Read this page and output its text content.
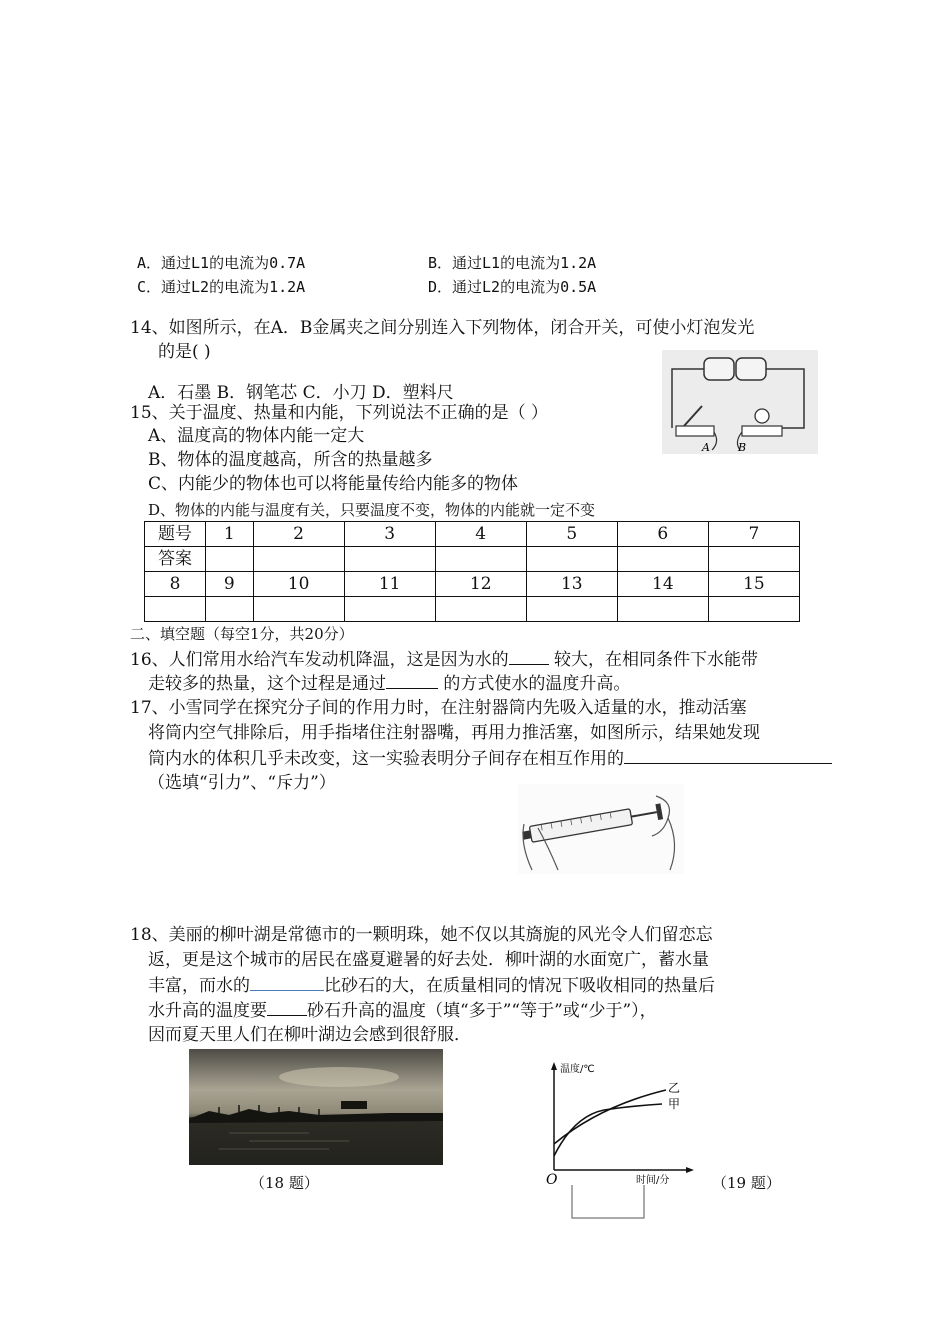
A．通过L1的电流为0.7A	B．通过L1的电流为1.2A
C．通过L2的电流为1.2A	D．通过L2的电流为0.5A
14、如图所示，在A．B金属夹之间分别连入下列物体，闭合开关，可使小灯泡发光
的是( )
A．石墨 B．钢笔芯 C．小刀 D．塑料尺
A	B
15、关于温度、热量和内能，下列说法不正确的是（ ）
A、温度高的物体内能一定大
B、物体的温度越高，所含的热量越多
C、内能少的物体也可以将能量传给内能多的物体
D、物体的内能与温度有关，只要温度不变，物体的内能就一定不变
题号	1	2	3	4	5	6	7
答案							
8	9	10	11	12	13	14	15

二、填空题（每空1分，共20分）
16、人们常用水给汽车发动机降温，这是因为水的	较大，在相同条件下水能带
走较多的热量，这个过程是通过	的方式使水的温度升高。
17、小雪同学在探究分子间的作用力时，在注射器筒内先吸入适量的水，推动活塞
将筒内空气排除后，用手指堵住注射器嘴，再用力推活塞，如图所示，结果她发现
筒内水的体积几乎未改变，这一实验表明分子间存在相互作用的
（选填“引力”、“斥力”）
18、美丽的柳叶湖是常德市的一颗明珠，她不仅以其旖旎的风光令人们留恋忘
返，更是这个城市的居民在盛夏避暑的好去处．柳叶湖的水面宽广，蓄水量
丰富，而水的	比砂石的大，在质量相同的情况下吸收相同的热量后
水升高的温度要 砂石升高的温度（填“多于”“等于”或“少于”），
因而夏天里人们在柳叶湖边会感到很舒服．
（18 题）
温度/℃
时间/分
O
乙
甲
（19 题）
